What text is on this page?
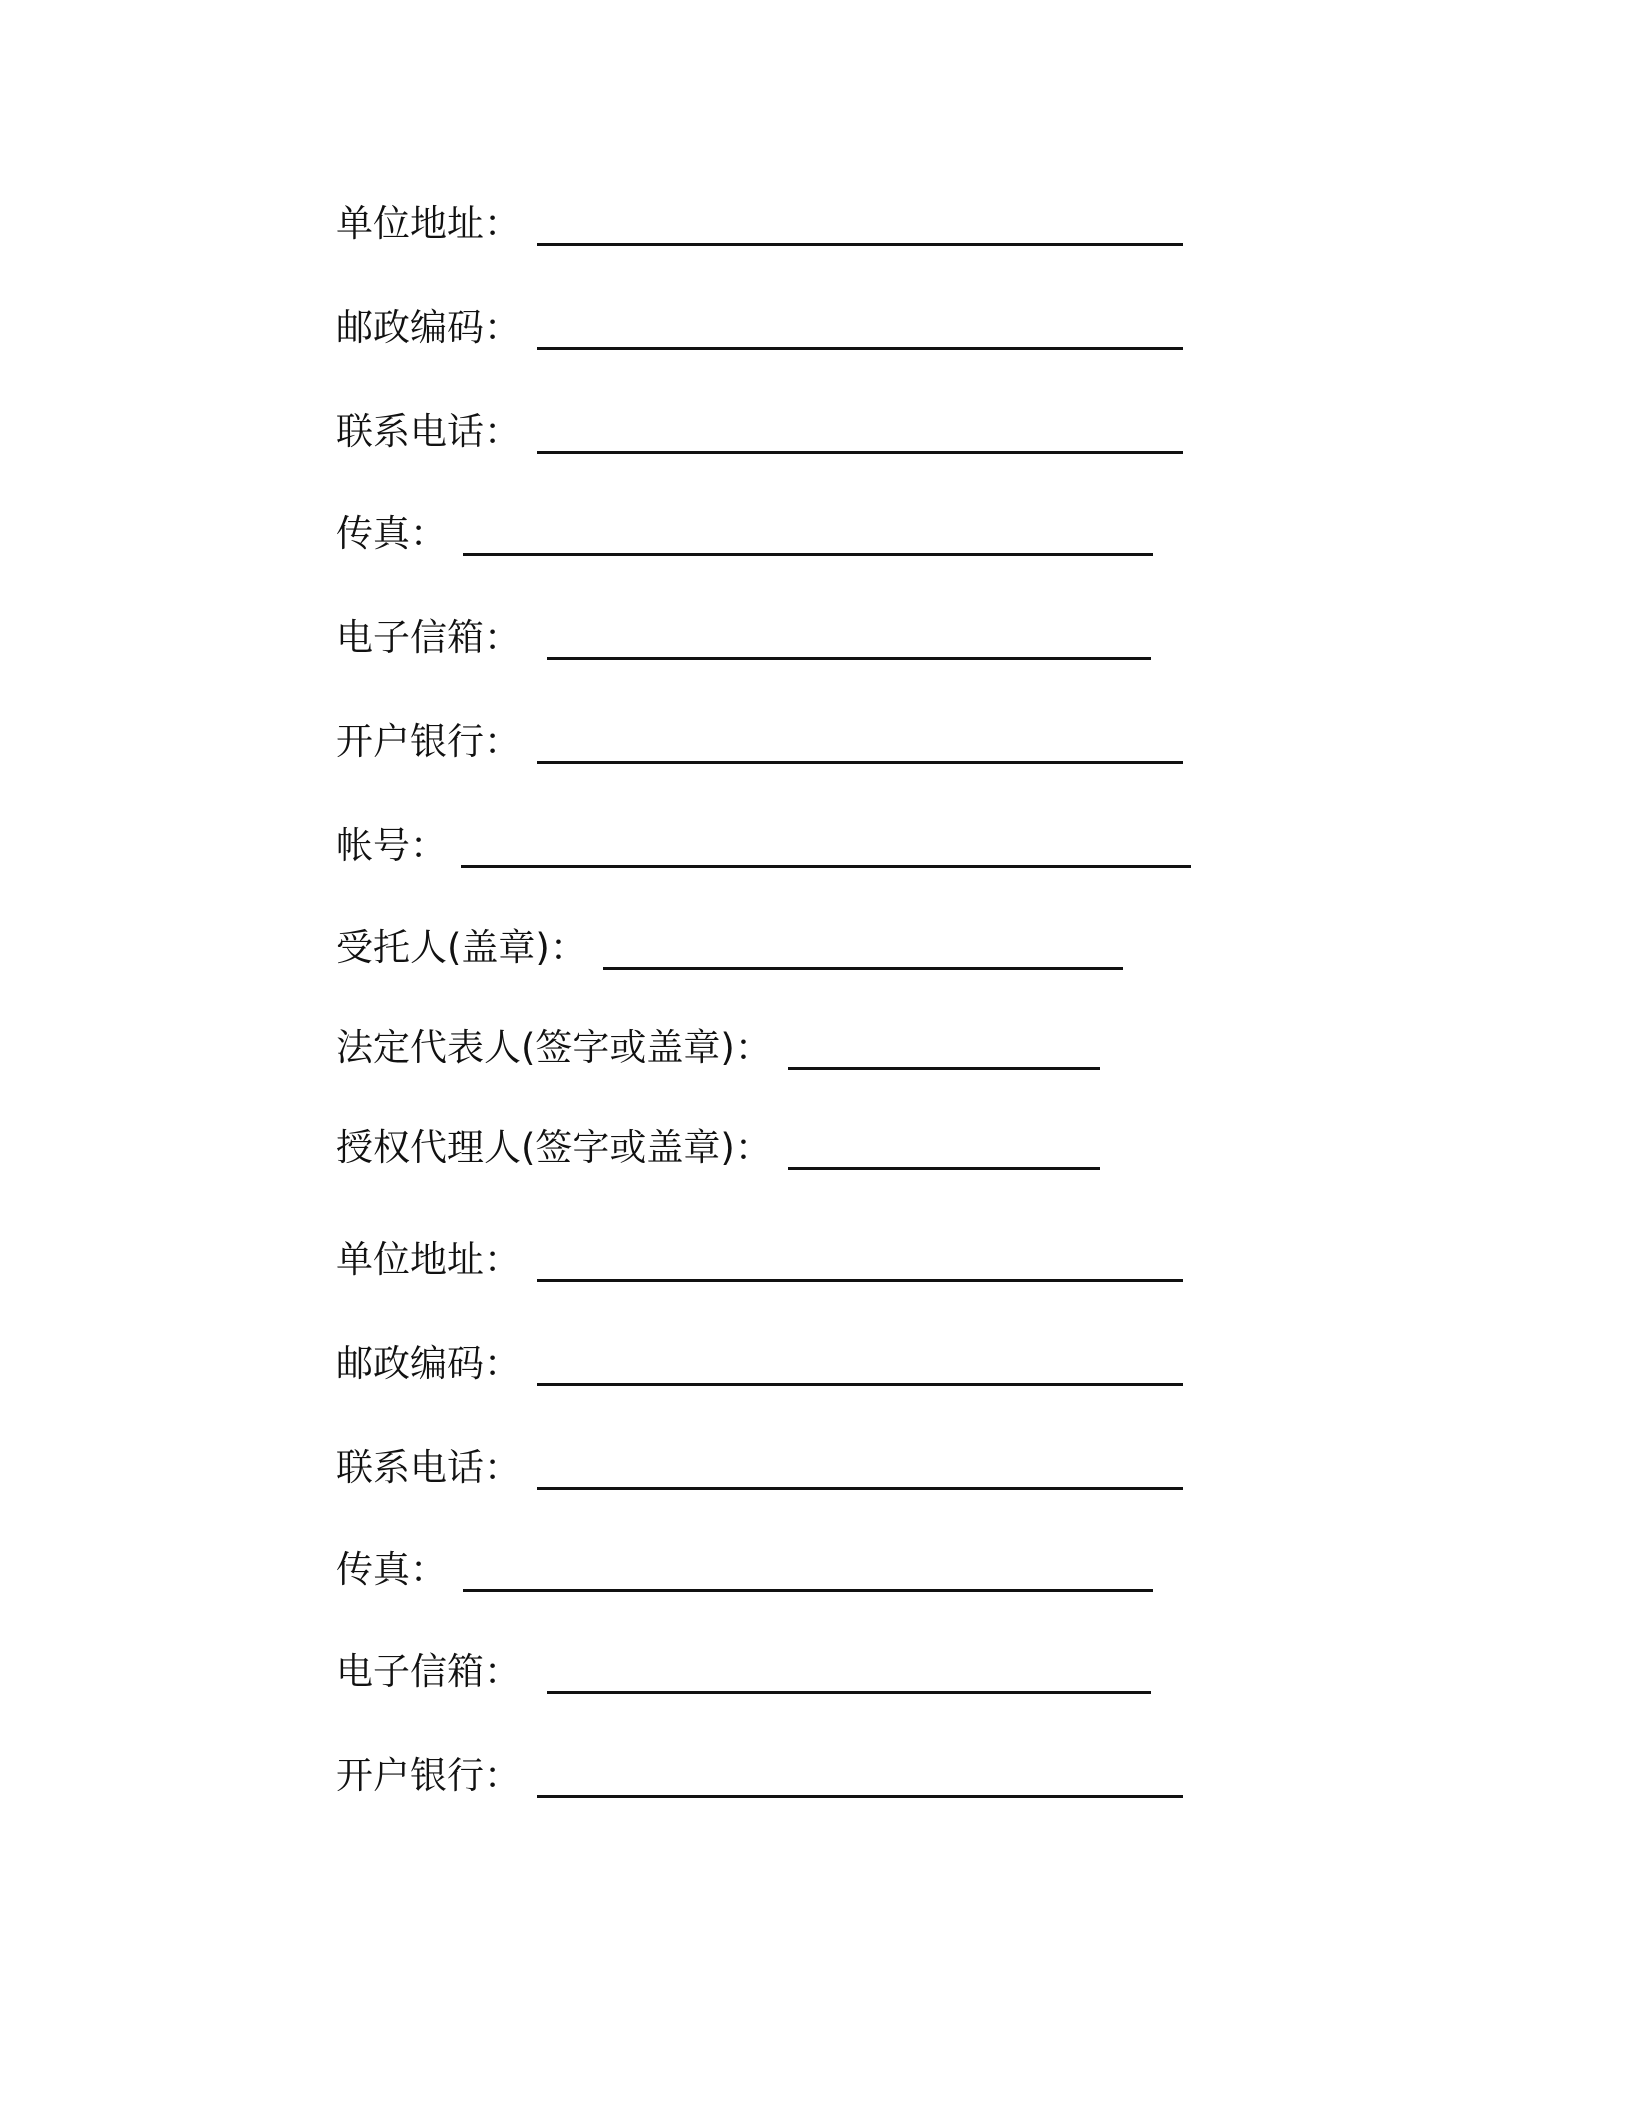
单位地址：
邮政编码：
联系电话：
传真：
电子信箱：
开户银行：
帐号：
受托人(盖章)：
法定代表人(签字或盖章)：
授权代理人(签字或盖章)：
单位地址：
邮政编码：
联系电话：
传真：
电子信箱：
开户银行：
